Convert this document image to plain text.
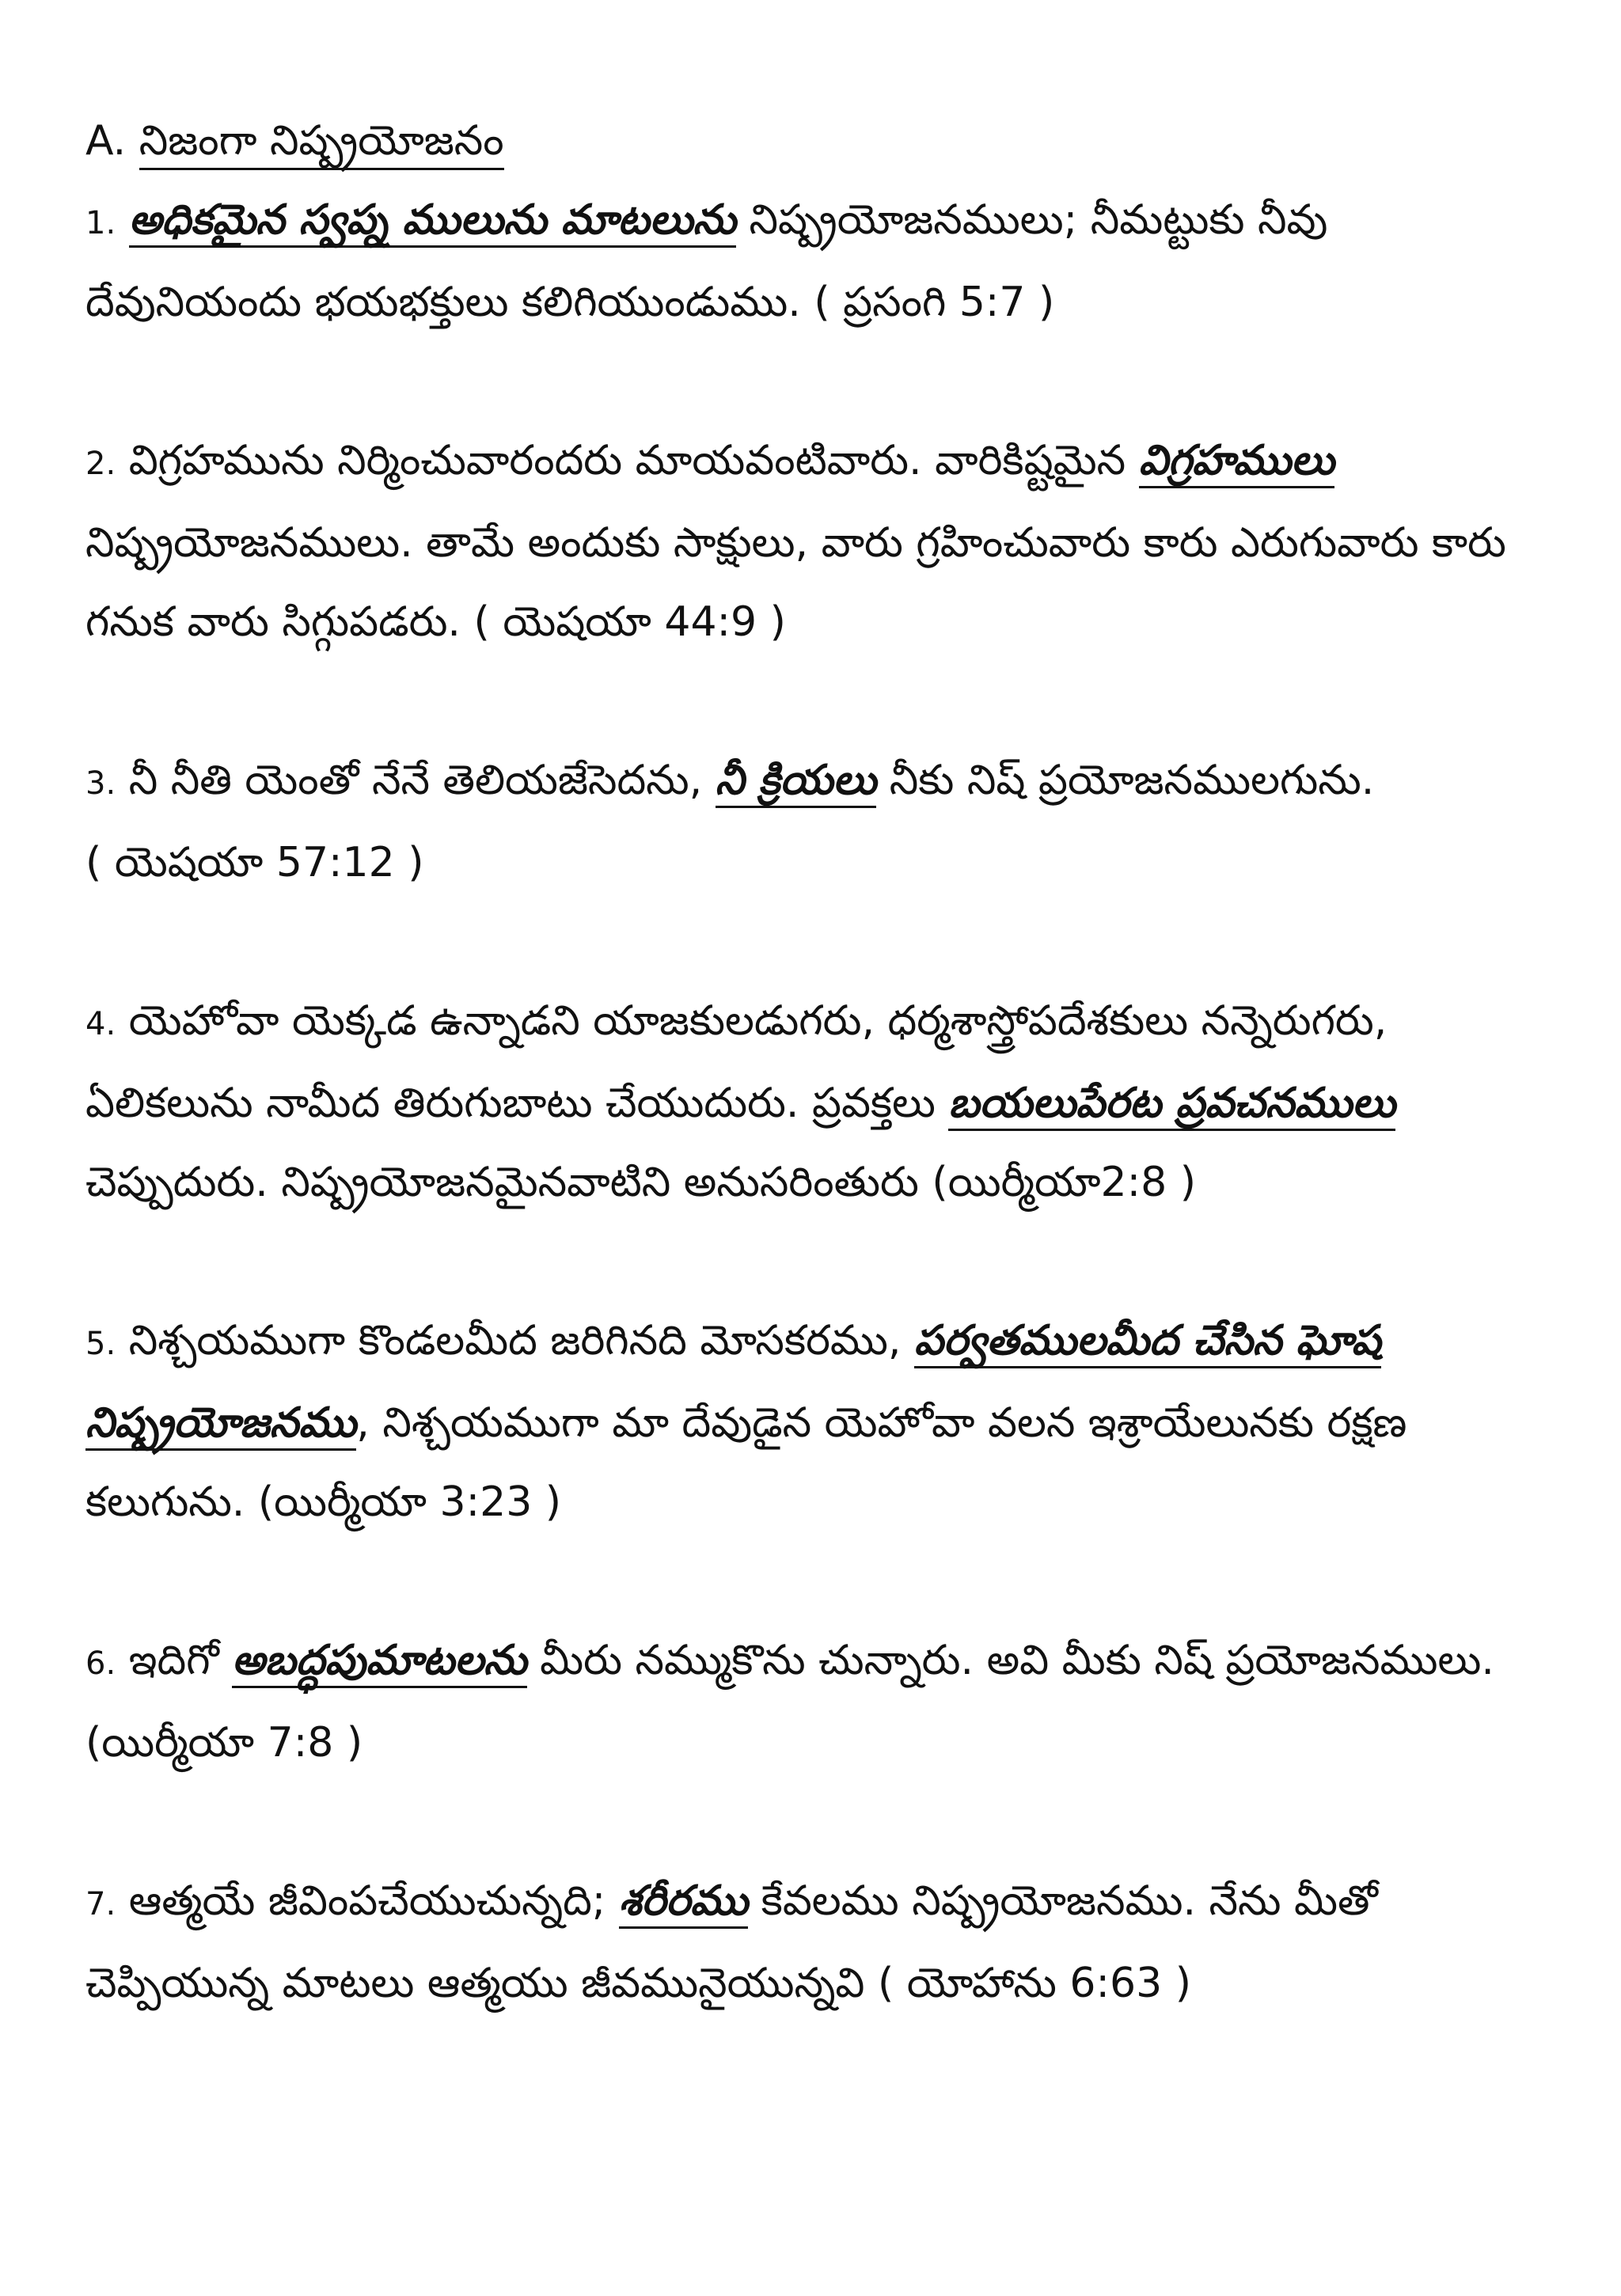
A. నిజంగా నిష్ప్రయోజనం

1. అధికమైన స్వప్న ములును మాటలును నిష్ప్రయోజనములు; నీమట్టుకు నీవు దేవునియందు భయభక్తులు కలిగియుండుము. ( ప్రసంగి 5:7 )

2. విగ్రహమును నిర్మించువారందరు మాయవంటివారు. వారికిష్టమైన విగ్రహములు నిష్ప్రయోజనములు. తామే అందుకు సాక్షులు, వారు గ్రహించువారు కారు ఎరుగువారు కారు గనుక వారు సిగ్గుపడరు. ( యెషయా 44:9 )

3. నీ నీతి యెంతో నేనే తెలియజేసెదను, నీ క్రియలు నీకు నిష్ ప్రయోజనములగును. ( యెషయా 57:12 )

4. యెహోవా యెక్కడ ఉన్నాడని యాజకులడుగరు, ధర్మశాస్త్రోపదేశకులు నన్నెరుగరు, ఏలికలును నామీద తిరుగుబాటు చేయుదురు. ప్రవక్తలు బయలుపేరట ప్రవచనములు చెప్పుదురు. నిష్ప్రయోజనమైనవాటిని అనుసరింతురు (యిర్మీయా2:8 )

5. నిశ్చయముగా కొండలమీద జరిగినది మోసకరము, పర్వతములమీద చేసిన ఘోష నిష్ప్రయోజనము, నిశ్చయముగా మా దేవుడైన యెహోవా వలన ఇశ్రాయేలునకు రక్షణ కలుగును. (యిర్మీయా 3:23 )

6. ఇదిగో అబద్ధపుమాటలను మీరు నమ్ముకొను చున్నారు. అవి మీకు నిష్ ప్రయోజనములు. (యిర్మీయా 7:8 )

7. ఆత్మయే జీవింపచేయుచున్నది; శరీరము కేవలము నిష్ప్రయోజనము. నేను మీతో చెప్పియున్న మాటలు ఆత్మయు జీవమునైయున్నవి ( యోహాను 6:63 )
